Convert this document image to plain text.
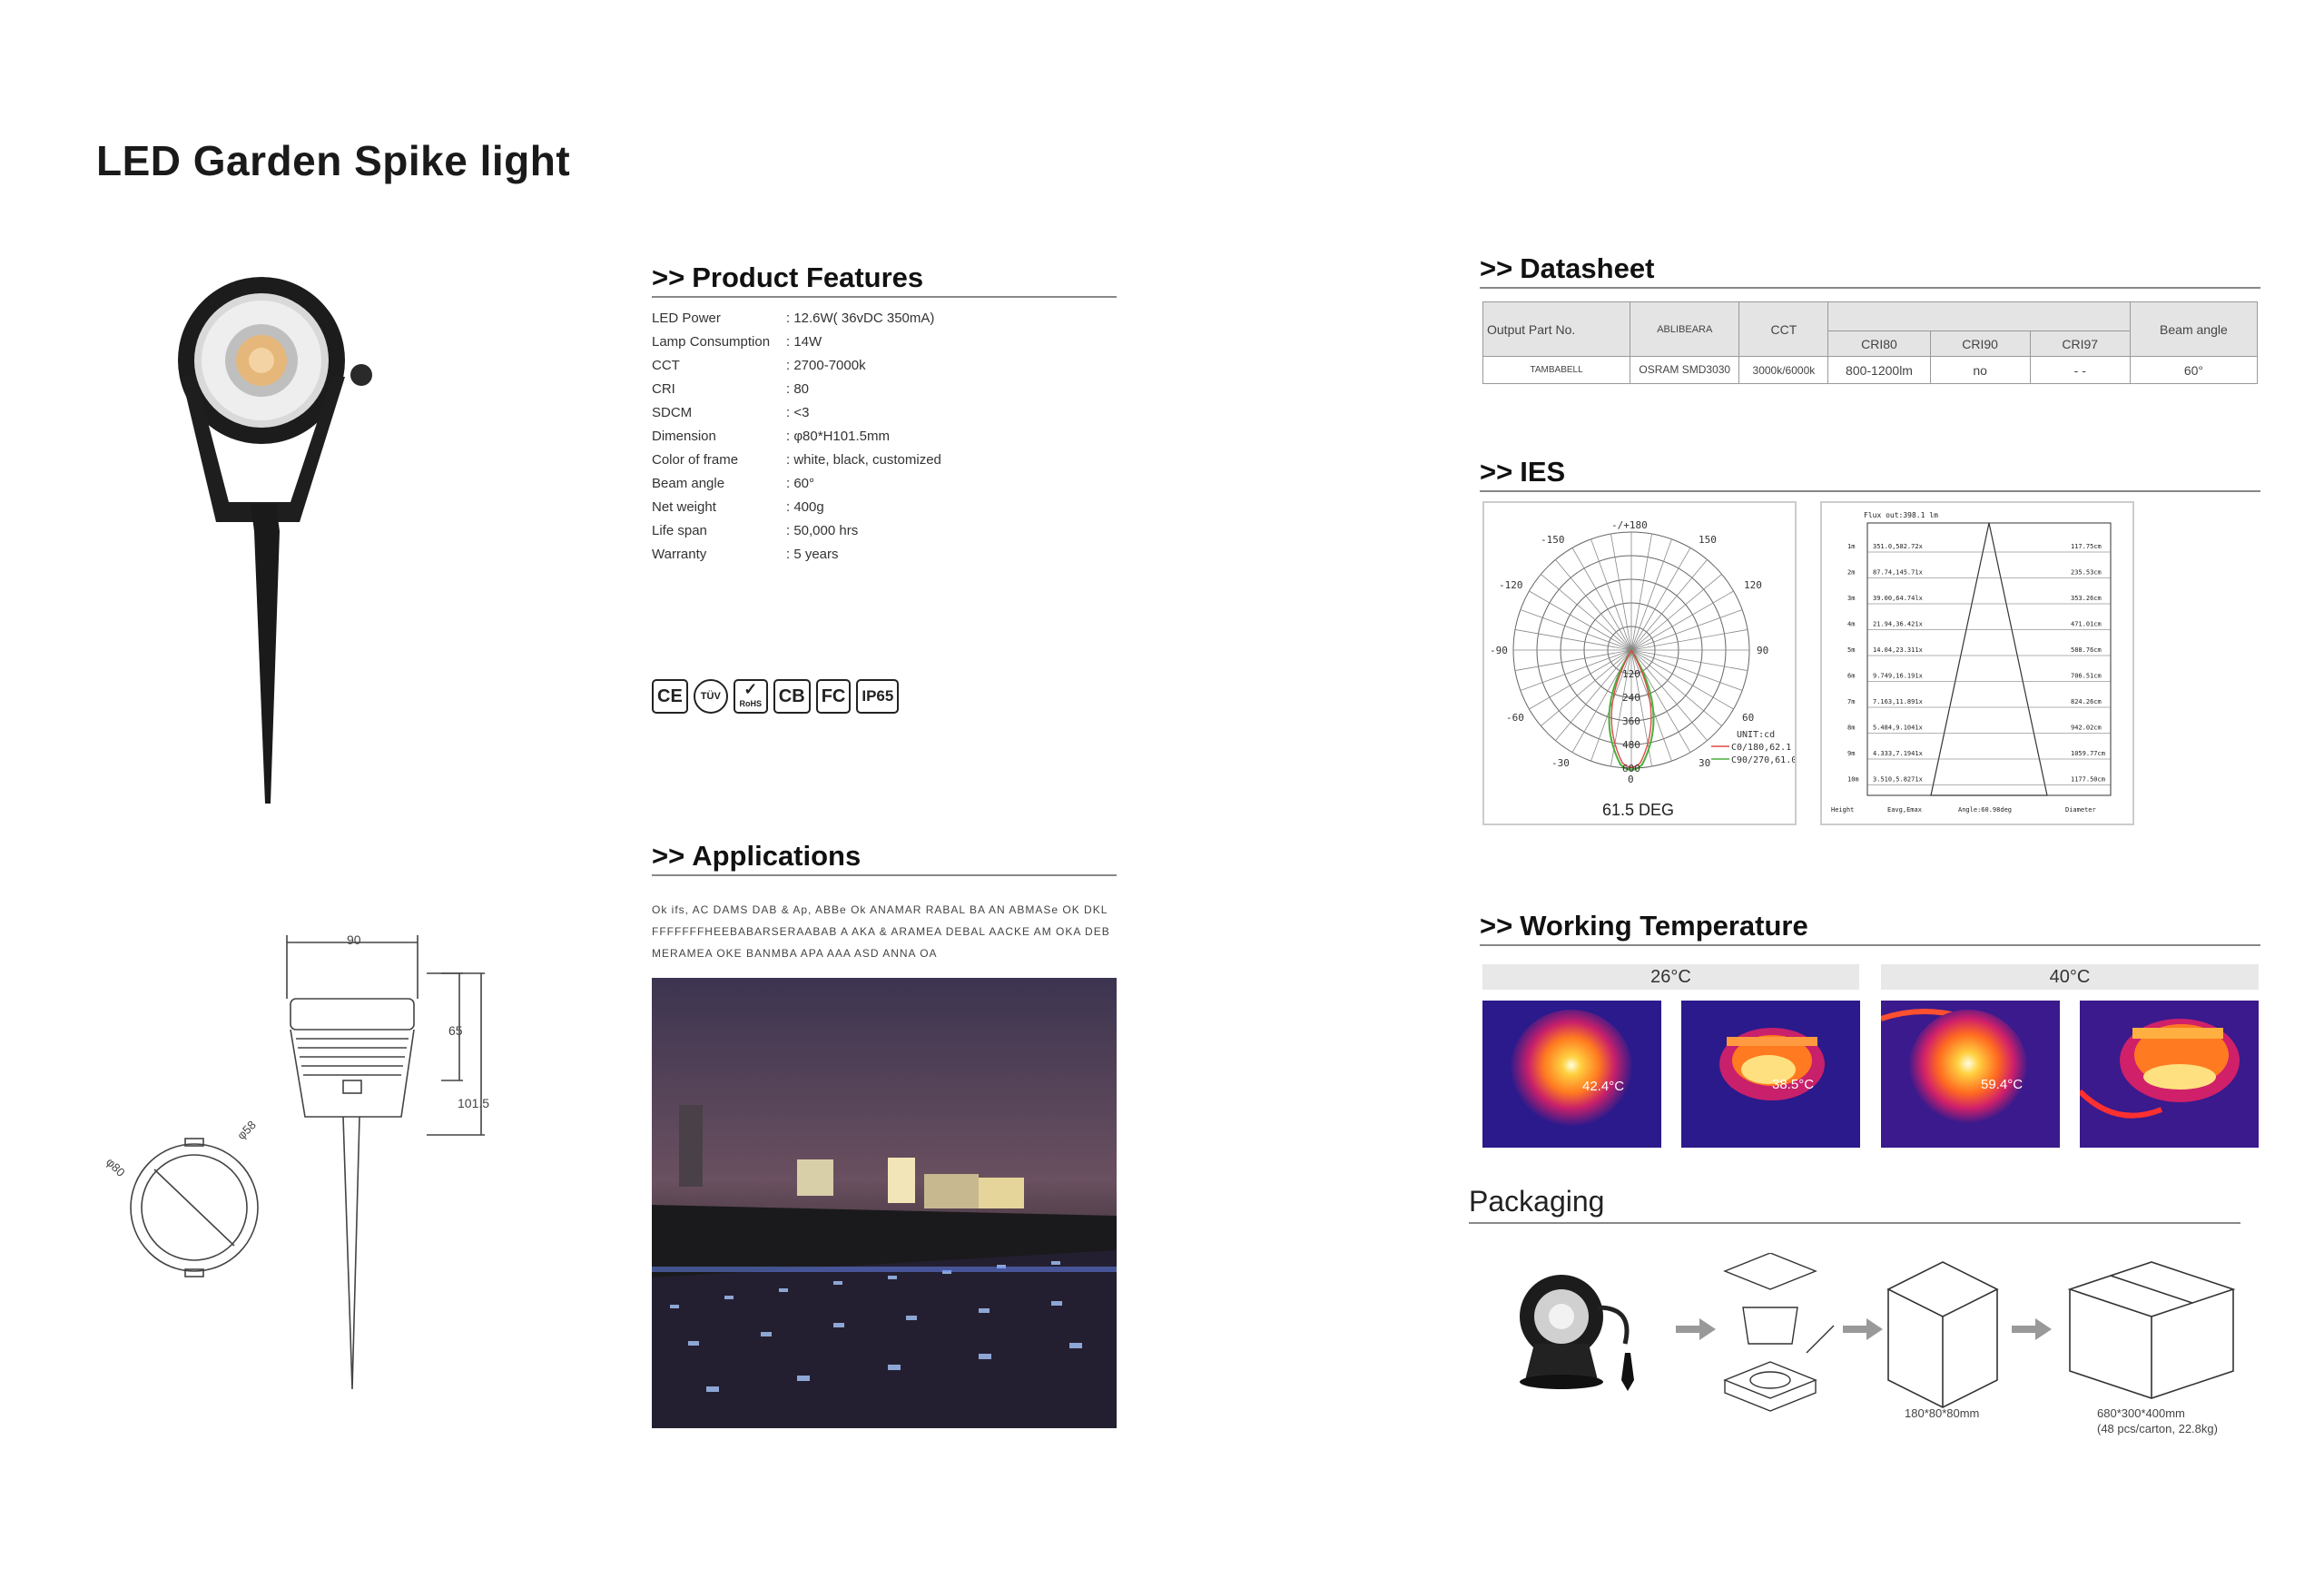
LED Garden Spike light
90
65
101.5
φ80
φ58
>> Product Features
LED Power	: 12.6W( 36vDC 350mA)
Lamp Consumption	: 14W
CCT	: 2700-7000k
CRI	: 80
SDCM	: <3
Dimension	: φ80*H101.5mm
Color of frame	: white, black, customized
Beam angle	: 60°
Net weight	: 400g
Life span	: 50,000 hrs
Warranty	: 5 years
CE	TÜV	✓
RoHS CB FC	IP65
>> Applications
Ok ifs, AC DAMS DAB & Ap, ABBe Ok ANAMAR RABAL BA AN ABMASe OK DKLFFFFFFFHEEBABARSERAABAB A AKA & ARAMEA DEBAL AACKE AM OKA DEBMERAMEA OKE BANMBA APA AAA ASD ANNA OA
>> Datasheet
Output Part No.	ABLIBEARA	CCT				Beam angle
			CRI80	CRI90	CRI97	
TAMBABELL	OSRAM SMD3030	3000k/6000k	800-1200lm	no	- -	60°
>> IES
-/+180
-150	150
-120	120
-90	90
-60	60
-30	30
0
120
240
360
480
600
UNIT:cd
C0/180,62.1
C90/270,61.0
61.5 DEG
Flux out:398.1 lm
1m	351.0,582.72x	117.75cm
2m	87.74,145.71x	235.53cm
3m	39.00,64.74lx	353.26cm
4m	21.94,36.421x	471.01cm
5m	14.04,23.311x	588.76cm
6m	9.749,16.191x	706.51cm
7m	7.163,11.891x	824.26cm
8m	5.484,9.1041x	942.02cm
9m	4.333,7.1941x	1059.77cm
10m 3.510,5.8271x	1177.50cm
Height	Eavg,Emax	Angle:60.98deg	Diameter
>> Working Temperature
26°C	40°C
42.4°C	38.5°C	59.4°C
Packaging
180*80*80mm	680*300*400mm
(48 pcs/carton, 22.8kg)
